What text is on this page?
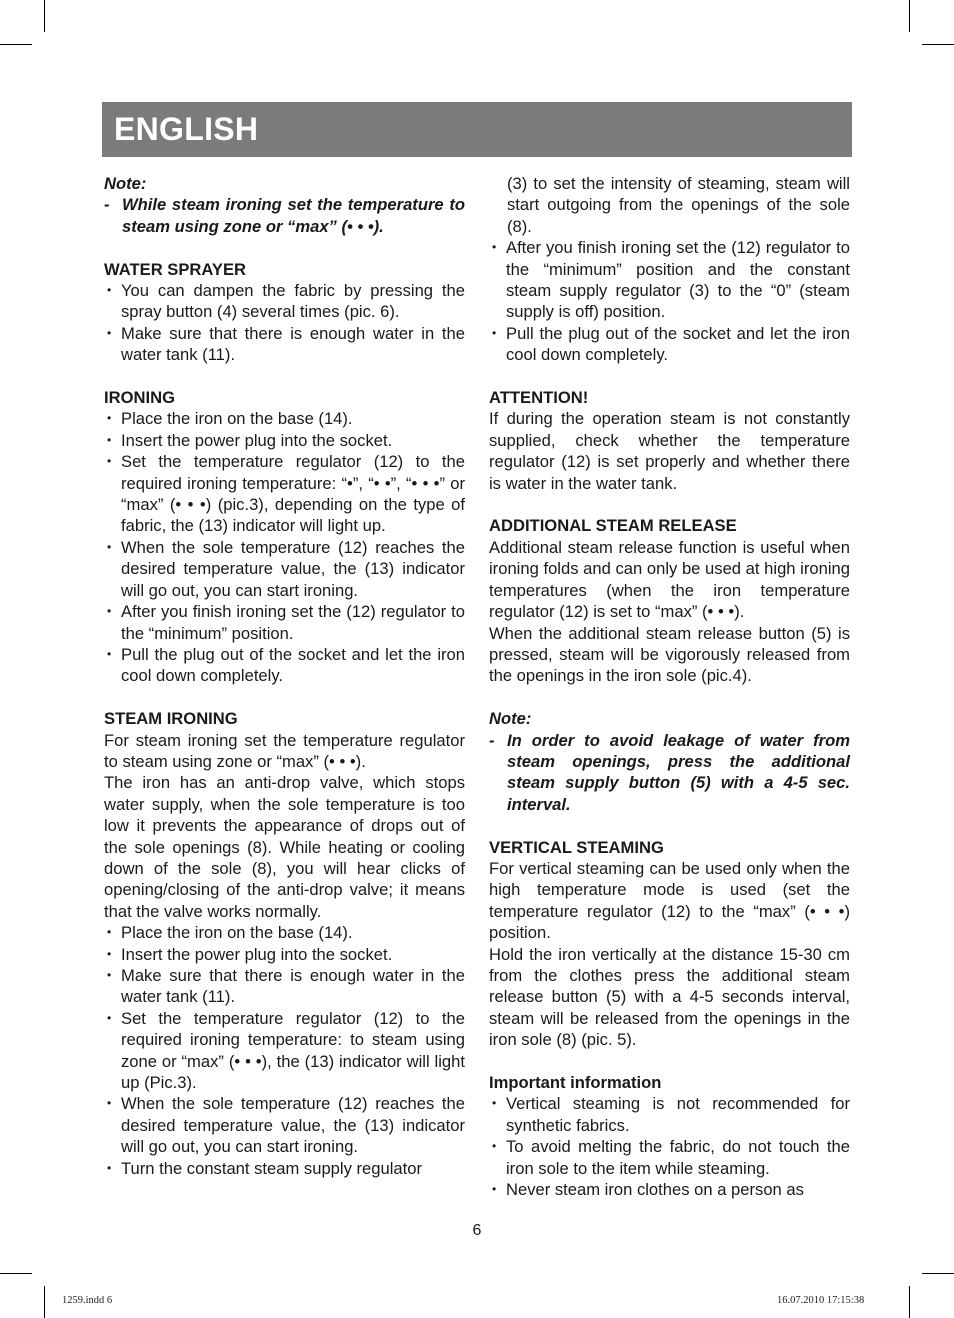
ENGLISH
Note:
- While steam ironing set the temperature to steam using zone or “max” (• • •).
WATER SPRAYER
• You can dampen the fabric by pressing the spray button (4) several times (pic. 6).
• Make sure that there is enough water in the water tank (11).
IRONING
• Place the iron on the base (14).
• Insert the power plug into the socket.
• Set the temperature regulator (12) to the required ironing temperature: “•”, “• •”, “• • •” or “max” (• • •) (pic.3), depending on the type of fabric, the (13) indicator will light up.
• When the sole temperature (12) reaches the desired temperature value, the (13) indicator will go out, you can start ironing.
• After you finish ironing set the (12) regulator to the “minimum” position.
• Pull the plug out of the socket and let the iron cool down completely.
STEAM IRONING
For steam ironing set the temperature regulator to steam using zone or “max” (• • •).
The iron has an anti-drop valve, which stops water supply, when the sole temperature is too low it prevents the appearance of drops out of the sole openings (8). While heating or cooling down of the sole (8), you will hear clicks of opening/closing of the anti-drop valve; it means that the valve works normally.
• Place the iron on the base (14).
• Insert the power plug into the socket.
• Make sure that there is enough water in the water tank (11).
• Set the temperature regulator (12) to the required ironing temperature: to steam using zone or “max” (• • •), the (13) indicator will light up (Pic.3).
• When the sole temperature (12) reaches the desired temperature value, the (13) indicator will go out, you can start ironing.
• Turn the constant steam supply regulator
(3) to set the intensity of steaming, steam will start outgoing from the openings of the sole (8).
• After you finish ironing set the (12) regulator to the “minimum” position and the constant steam supply regulator (3) to the “0” (steam supply is off) position.
• Pull the plug out of the socket and let the iron cool down completely.
ATTENTION!
If during the operation steam is not constantly supplied, check whether the temperature regulator (12) is set properly and whether there is water in the water tank.
ADDITIONAL STEAM RELEASE
Additional steam release function is useful when ironing folds and can only be used at high ironing temperatures (when the iron temperature regulator (12) is set to “max” (• • •).
When the additional steam release button (5) is pressed, steam will be vigorously released from the openings in the iron sole (pic.4).
Note:
- In order to avoid leakage of water from steam openings, press the additional steam supply button (5) with a 4-5 sec. interval.
VERTICAL STEAMING
For vertical steaming can be used only when the high temperature mode is used (set the temperature regulator (12) to the “max” (• • •) position.
Hold the iron vertically at the distance 15-30 cm from the clothes press the additional steam release button (5) with a 4-5 seconds interval, steam will be released from the openings in the iron sole (8) (pic. 5).
Important information
• Vertical steaming is not recommended for synthetic fabrics.
• To avoid melting the fabric, do not touch the iron sole to the item while steaming.
• Never steam iron clothes on a person as
6
1259.indd 6	16.07.2010 17:15:38
